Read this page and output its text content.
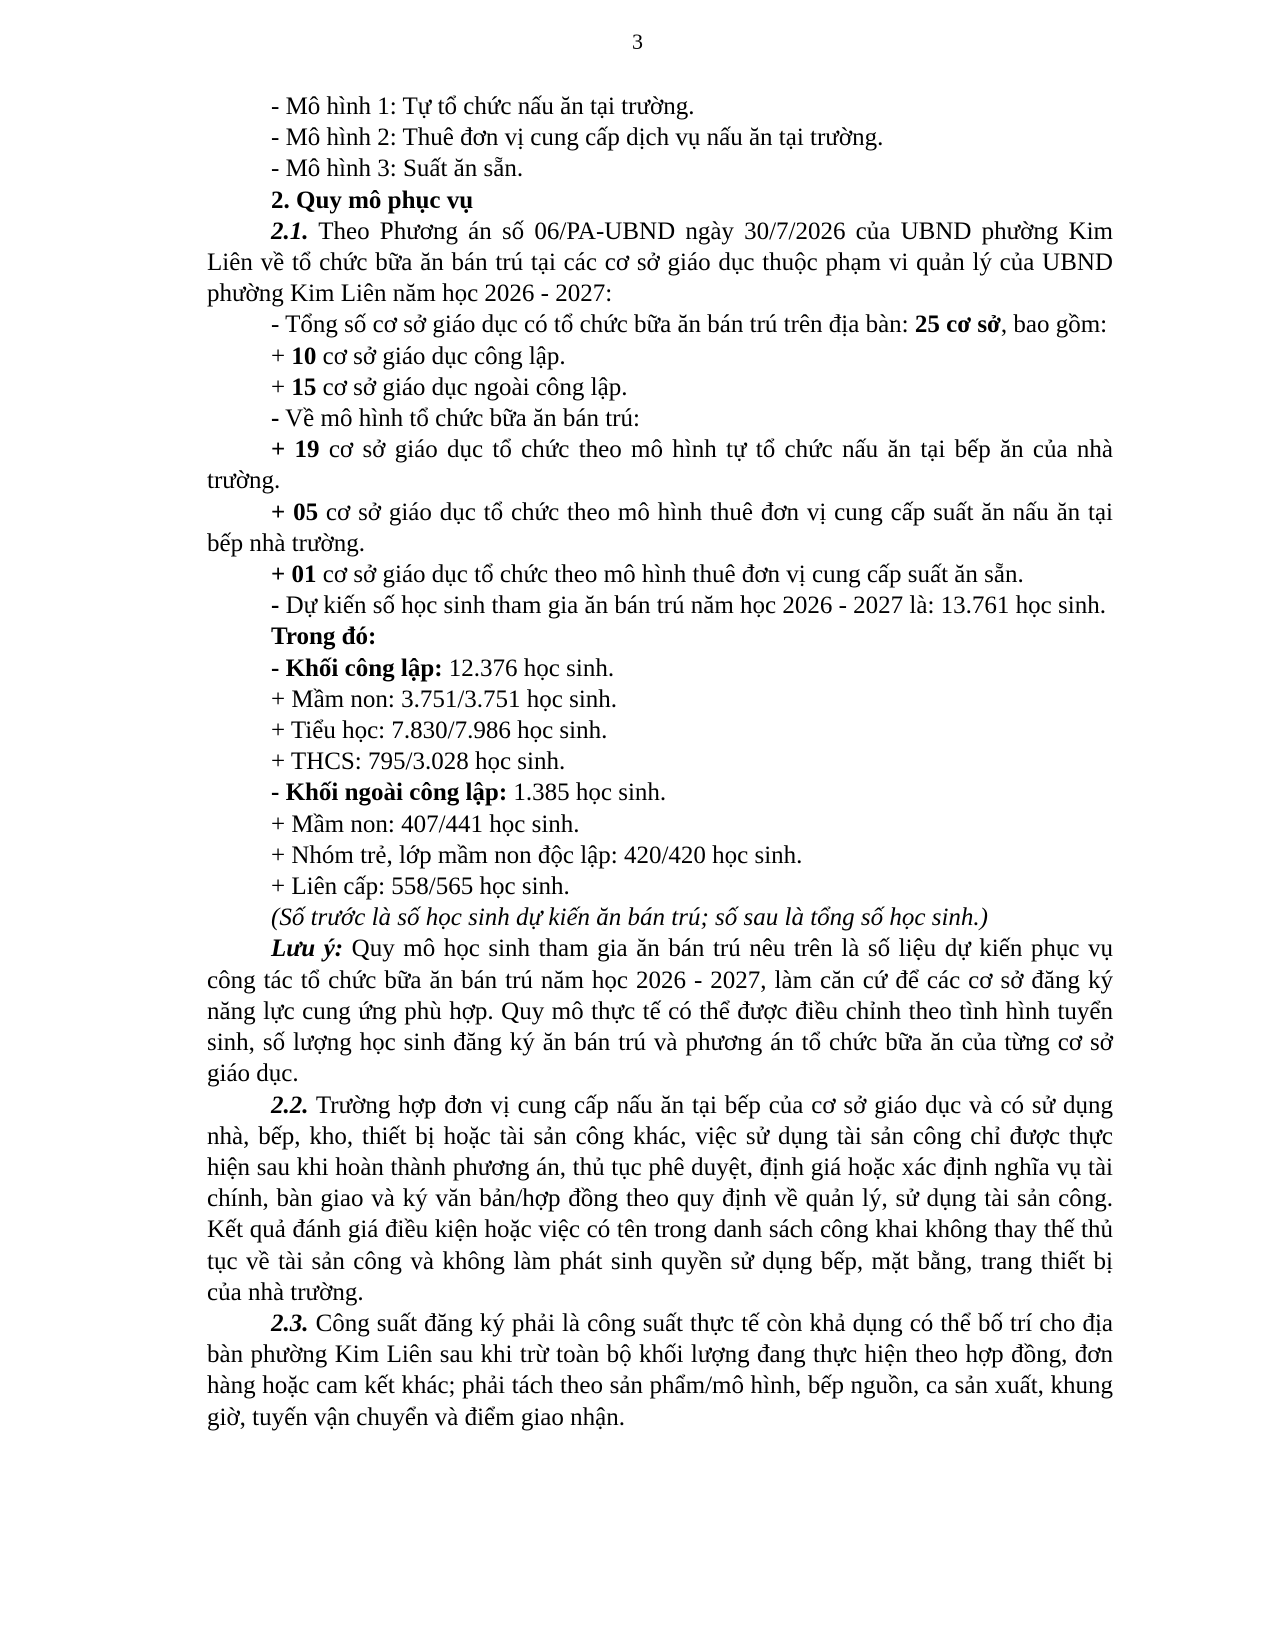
3

- Mô hình 1: Tự tổ chức nấu ăn tại trường.

- Mô hình 2: Thuê đơn vị cung cấp dịch vụ nấu ăn tại trường.

- Mô hình 3: Suất ăn sẵn.

2. Quy mô phục vụ

2.1. Theo Phương án số 06/PA-UBND ngày 30/7/2026 của UBND phường Kim Liên về tổ chức bữa ăn bán trú tại các cơ sở giáo dục thuộc phạm vi quản lý của UBND phường Kim Liên năm học 2026 - 2027:

- Tổng số cơ sở giáo dục có tổ chức bữa ăn bán trú trên địa bàn: 25 cơ sở, bao gồm:

+ 10 cơ sở giáo dục công lập.

+ 15 cơ sở giáo dục ngoài công lập.

- Về mô hình tổ chức bữa ăn bán trú:

+ 19 cơ sở giáo dục tổ chức theo mô hình tự tổ chức nấu ăn tại bếp ăn của nhà trường.

+ 05 cơ sở giáo dục tổ chức theo mô hình thuê đơn vị cung cấp suất ăn nấu ăn tại bếp nhà trường.

+ 01 cơ sở giáo dục tổ chức theo mô hình thuê đơn vị cung cấp suất ăn sẵn.

- Dự kiến số học sinh tham gia ăn bán trú năm học 2026 - 2027 là: 13.761 học sinh.

Trong đó:

- Khối công lập: 12.376 học sinh.

+ Mầm non: 3.751/3.751 học sinh.

+ Tiểu học: 7.830/7.986 học sinh.

+ THCS: 795/3.028 học sinh.

- Khối ngoài công lập: 1.385 học sinh.

+ Mầm non: 407/441 học sinh.

+ Nhóm trẻ, lớp mầm non độc lập: 420/420 học sinh.

+ Liên cấp: 558/565 học sinh.

(Số trước là số học sinh dự kiến ăn bán trú; số sau là tổng số học sinh.)

Lưu ý: Quy mô học sinh tham gia ăn bán trú nêu trên là số liệu dự kiến phục vụ công tác tổ chức bữa ăn bán trú năm học 2026 - 2027, làm căn cứ để các cơ sở đăng ký năng lực cung ứng phù hợp. Quy mô thực tế có thể được điều chỉnh theo tình hình tuyển sinh, số lượng học sinh đăng ký ăn bán trú và phương án tổ chức bữa ăn của từng cơ sở giáo dục.

2.2. Trường hợp đơn vị cung cấp nấu ăn tại bếp của cơ sở giáo dục và có sử dụng nhà, bếp, kho, thiết bị hoặc tài sản công khác, việc sử dụng tài sản công chỉ được thực hiện sau khi hoàn thành phương án, thủ tục phê duyệt, định giá hoặc xác định nghĩa vụ tài chính, bàn giao và ký văn bản/hợp đồng theo quy định về quản lý, sử dụng tài sản công. Kết quả đánh giá điều kiện hoặc việc có tên trong danh sách công khai không thay thế thủ tục về tài sản công và không làm phát sinh quyền sử dụng bếp, mặt bằng, trang thiết bị của nhà trường.

2.3. Công suất đăng ký phải là công suất thực tế còn khả dụng có thể bố trí cho địa bàn phường Kim Liên sau khi trừ toàn bộ khối lượng đang thực hiện theo hợp đồng, đơn hàng hoặc cam kết khác; phải tách theo sản phẩm/mô hình, bếp nguồn, ca sản xuất, khung giờ, tuyến vận chuyển và điểm giao nhận.
